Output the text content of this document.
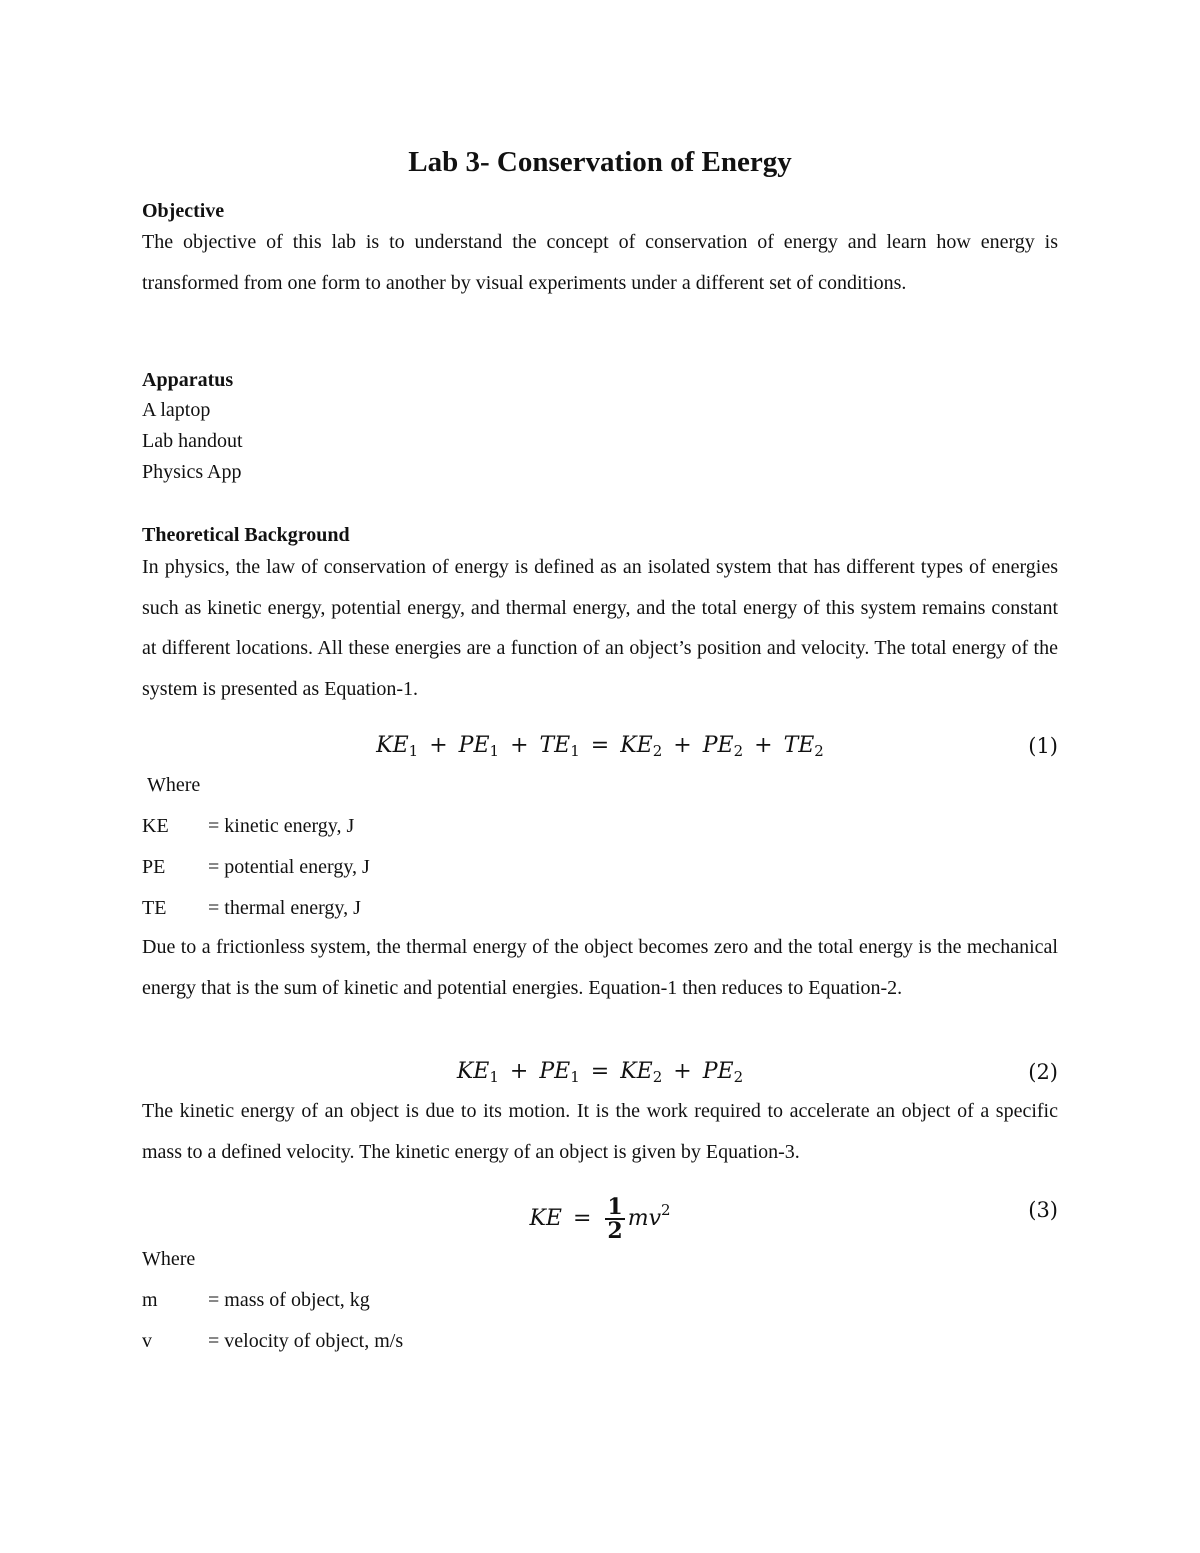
Lab 3- Conservation of Energy
Objective
The objective of this lab is to understand the concept of conservation of energy and learn how energy is transformed from one form to another by visual experiments under a different set of conditions.
Apparatus
A laptop
Lab handout
Physics App
Theoretical Background
In physics, the law of conservation of energy is defined as an isolated system that has different types of energies such as kinetic energy, potential energy, and thermal energy, and the total energy of this system remains constant at different locations. All these energies are a function of an object’s position and velocity. The total energy of the system is presented as Equation-1.
$KE_1 + PE_1 + TE_1 = KE_2 + PE_2 + TE_2$	(1)
Where
KE = kinetic energy, J
PE = potential energy, J
TE = thermal energy, J
Due to a frictionless system, the thermal energy of the object becomes zero and the total energy is the mechanical energy that is the sum of kinetic and potential energies. Equation-1 then reduces to Equation-2.
$KE_1 + PE_1 = KE_2 + PE_2$	(2)
The kinetic energy of an object is due to its motion. It is the work required to accelerate an object of a specific mass to a defined velocity. The kinetic energy of an object is given by Equation-3.
KE = $\frac{1}{2} mv^2$	(3)
Where
m	= mass of object, kg
v	= velocity of object, m/s
